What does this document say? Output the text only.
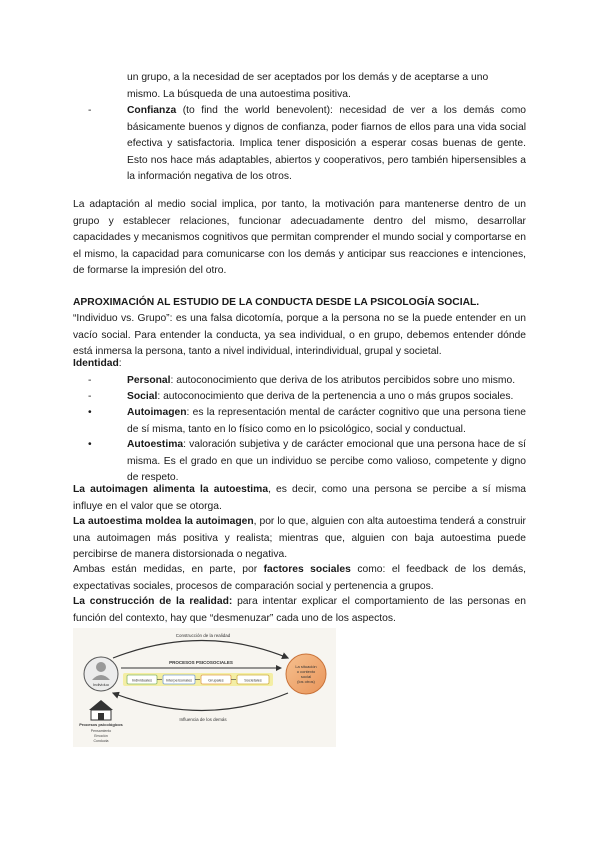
un grupo, a la necesidad de ser aceptados por los demás y de aceptarse a uno
mismo. La búsqueda de una autoestima positiva.
-	Confianza (to find the world benevolent): necesidad de ver a los demás como básicamente buenos y dignos de confianza, poder fiarnos de ellos para una vida social efectiva y satisfactoria. Implica tener disposición a esperar cosas buenas de gente. Esto nos hace más adaptables, abiertos y cooperativos, pero también hipersensibles a la información negativa de los otros.
La adaptación al medio social implica, por tanto, la motivación para mantenerse dentro de un grupo y establecer relaciones, funcionar adecuadamente dentro del mismo, desarrollar capacidades y mecanismos cognitivos que permitan comprender el mundo social y comportarse en el mismo, la capacidad para comunicarse con los demás y anticipar sus reacciones e intenciones, de formarse la impresión del otro.
APROXIMACIÓN AL ESTUDIO DE LA CONDUCTA DESDE LA PSICOLOGÍA SOCIAL.
“Individuo vs. Grupo”: es una falsa dicotomía, porque a la persona no se la puede entender en un vacío social. Para entender la conducta, ya sea individual, o en grupo, debemos entender dónde está inmersa la persona, tanto a nivel individual, interindividual, grupal y societal.
Identidad:
-	Personal: autoconocimiento que deriva de los atributos percibidos sobre uno mismo.
-	Social: autoconocimiento que deriva de la pertenencia a uno o más grupos sociales.
•	Autoimagen: es la representación mental de carácter cognitivo que una persona tiene de sí misma, tanto en lo físico como en lo psicológico, social y conductual.
•	Autoestima: valoración subjetiva y de carácter emocional que una persona hace de sí misma. Es el grado en que un individuo se percibe como valioso, competente y digno de respeto.
La autoimagen alimenta la autoestima, es decir, como una persona se percibe a sí misma influye en el valor que se otorga.
La autoestima moldea la autoimagen, por lo que, alguien con alta autoestima tenderá a construir una autoimagen más positiva y realista; mientras que, alguien con baja autoestima puede percibirse de manera distorsionada o negativa.
Ambas están medidas, en parte, por factores sociales como: el feedback de los demás, expectativas sociales, procesos de comparación social y pertenencia a grupos.
La construcción de la realidad: para intentar explicar el comportamiento de las personas en función del contexto, hay que “desmenuzar” cada uno de los aspectos.
Construcción de la realidad
Influencia de los demás
Individuo
La situación o contexto social (los otros)
PROCESOS PSICOSOCIALES
Individuales	Interpersonales	Grupales	Societales
Procesos psicológicos
Pensamiento
Emoción
Conducta
